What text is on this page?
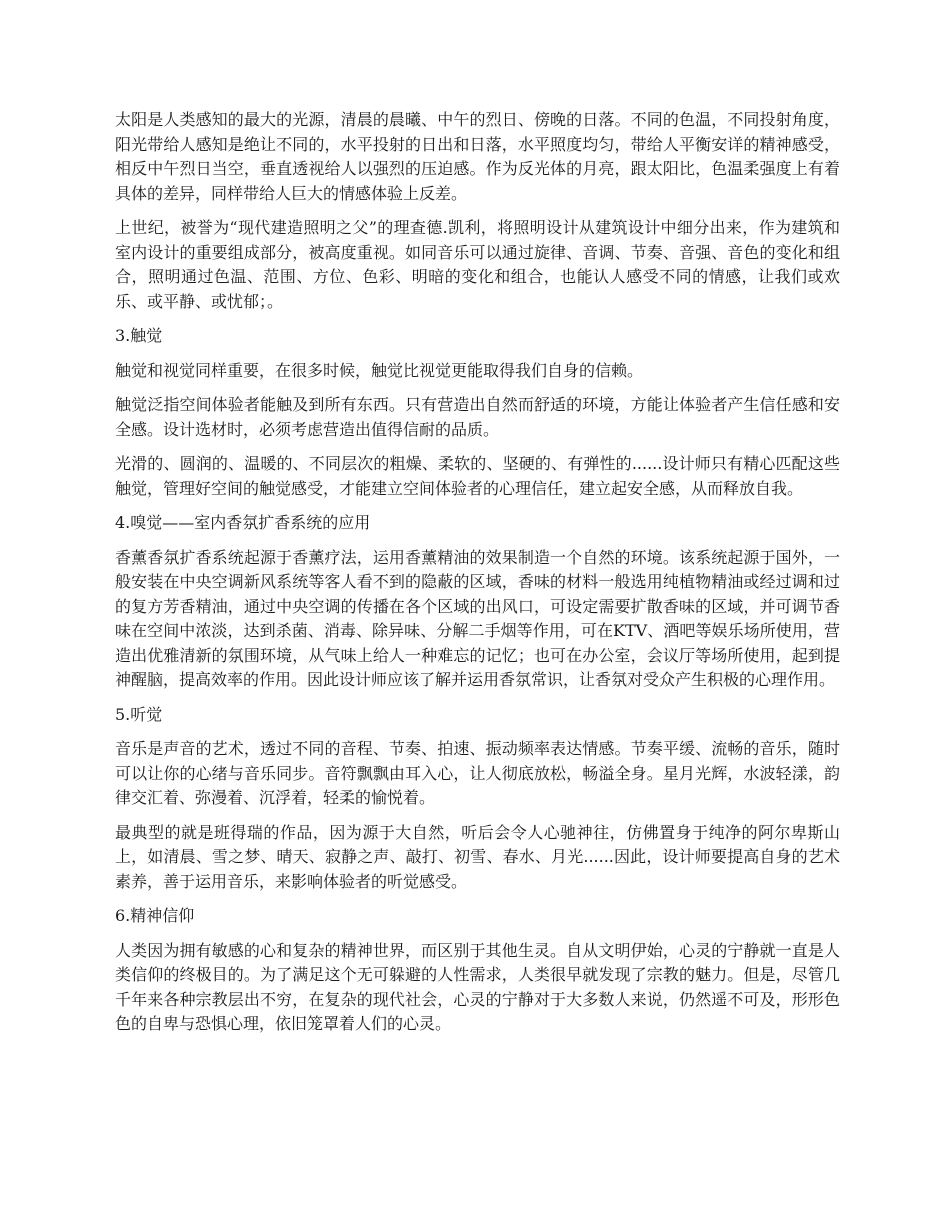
太阳是人类感知的最大的光源，清晨的晨曦、中午的烈日、傍晚的日落。不同的色温，不同投射角度，阳光带给人感知是绝让不同的，水平投射的日出和日落，水平照度均匀，带给人平衡安详的精神感受，相反中午烈日当空，垂直透视给人以强烈的压迫感。作为反光体的月亮，跟太阳比，色温柔强度上有着具体的差异，同样带给人巨大的情感体验上反差。

上世纪，被誉为“现代建造照明之父”的理查德.凯利，将照明设计从建筑设计中细分出来，作为建筑和室内设计的重要组成部分，被高度重视。如同音乐可以通过旋律、音调、节奏、音强、音色的变化和组合，照明通过色温、范围、方位、色彩、明暗的变化和组合，也能认人感受不同的情感，让我们或欢乐、或平静、或忧郁；。

3.触觉

触觉和视觉同样重要，在很多时候，触觉比视觉更能取得我们自身的信赖。

触觉泛指空间体验者能触及到所有东西。只有营造出自然而舒适的环境，方能让体验者产生信任感和安全感。设计选材时，必须考虑营造出值得信耐的品质。

光滑的、圆润的、温暖的、不同层次的粗燥、柔软的、坚硬的、有弹性的......设计师只有精心匹配这些触觉，管理好空间的触觉感受，才能建立空间体验者的心理信任，建立起安全感，从而释放自我。

4.嗅觉——室内香氛扩香系统的应用

香薰香氛扩香系统起源于香薰疗法，运用香薰精油的效果制造一个自然的环境。该系统起源于国外，一般安装在中央空调新风系统等客人看不到的隐蔽的区域，香味的材料一般选用纯植物精油或经过调和过的复方芳香精油，通过中央空调的传播在各个区域的出风口，可设定需要扩散香味的区域，并可调节香味在空间中浓淡，达到杀菌、消毒、除异味、分解二手烟等作用，可在KTV、酒吧等娱乐场所使用，营造出优雅清新的氛围环境，从气味上给人一种难忘的记忆；也可在办公室，会议厅等场所使用，起到提神醒脑，提高效率的作用。因此设计师应该了解并运用香氛常识，让香氛对受众产生积极的心理作用。

5.听觉

音乐是声音的艺术，透过不同的音程、节奏、拍速、振动频率表达情感。节奏平缓、流畅的音乐，随时可以让你的心绪与音乐同步。音符飘飘由耳入心，让人彻底放松，畅溢全身。星月光辉，水波轻漾，韵律交汇着、弥漫着、沉浮着，轻柔的愉悦着。

最典型的就是班得瑞的作品，因为源于大自然，听后会令人心驰神往，仿佛置身于纯净的阿尔卑斯山上，如清晨、雪之梦、晴天、寂静之声、敲打、初雪、春水、月光......因此，设计师要提高自身的艺术素养，善于运用音乐，来影响体验者的听觉感受。

6.精神信仰

人类因为拥有敏感的心和复杂的精神世界，而区别于其他生灵。自从文明伊始，心灵的宁静就一直是人类信仰的终极目的。为了满足这个无可躲避的人性需求，人类很早就发现了宗教的魅力。但是，尽管几千年来各种宗教层出不穷，在复杂的现代社会，心灵的宁静对于大多数人来说，仍然遥不可及，形形色色的自卑与恐惧心理，依旧笼罩着人们的心灵。
